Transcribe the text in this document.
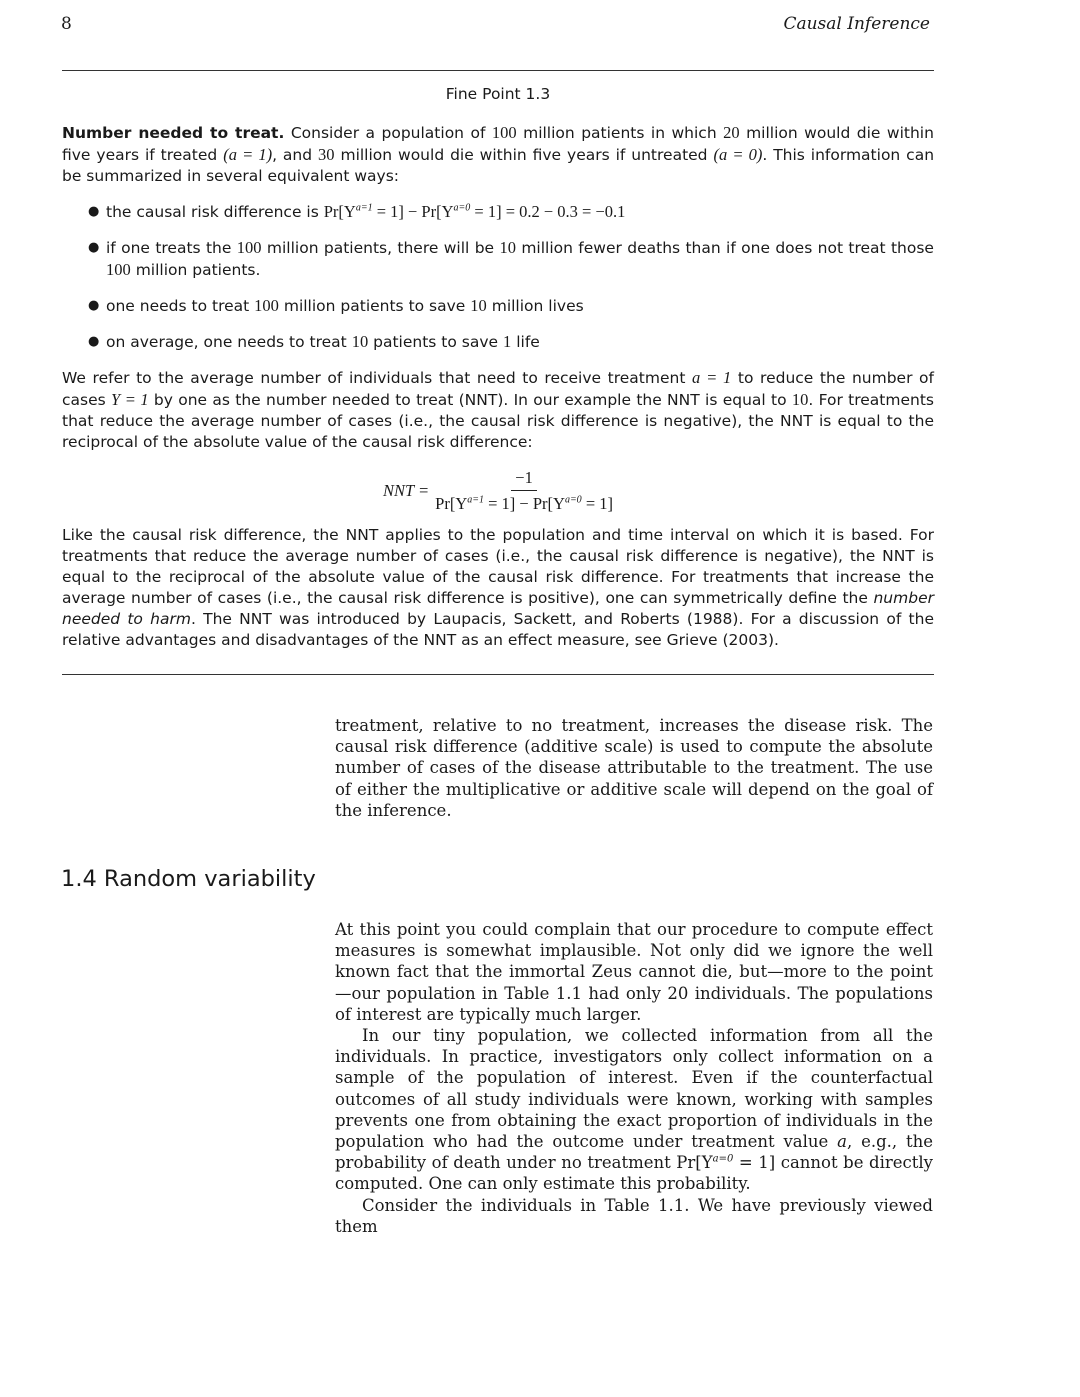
8	Causal Inference
Fine Point 1.3

Number needed to treat. Consider a population of 100 million patients in which 20 million would die within five years if treated (a = 1), and 30 million would die within five years if untreated (a = 0). This information can be summarized in several equivalent ways:

● the causal risk difference is $Pr[Y^{a=1} = 1] - Pr[Y^{a=0} = 1] = 0.2 - 0.3 = -0.1$
● if one treats the 100 million patients, there will be 10 million fewer deaths than if one does not treat those 100 million patients.
● one needs to treat 100 million patients to save 10 million lives
● on average, one needs to treat 10 patients to save 1 life

We refer to the average number of individuals that need to receive treatment a = 1 to reduce the number of cases Y = 1 by one as the number needed to treat (NNT). In our example the NNT is equal to 10. For treatments that reduce the average number of cases (i.e., the causal risk difference is negative), the NNT is equal to the reciprocal of the absolute value of the causal risk difference:

NNT = $\frac{-1}{Pr[Y^{a=1} = 1] - Pr[Y^{a=0} = 1]}$

Like the causal risk difference, the NNT applies to the population and time interval on which it is based. For treatments that reduce the average number of cases (i.e., the causal risk difference is negative), the NNT is equal to the reciprocal of the absolute value of the causal risk difference. For treatments that increase the average number of cases (i.e., the causal risk difference is positive), one can symmetrically define the number needed to harm. The NNT was introduced by Laupacis, Sackett, and Roberts (1988). For a discussion of the relative advantages and disadvantages of the NNT as an effect measure, see Grieve (2003).

treatment, relative to no treatment, increases the disease risk. The causal risk difference (additive scale) is used to compute the absolute number of cases of the disease attributable to the treatment. The use of either the multiplicative or additive scale will depend on the goal of the inference.

1.4 Random variability

At this point you could complain that our procedure to compute effect measures is somewhat implausible. Not only did we ignore the well known fact that the immortal Zeus cannot die, but—more to the point—our population in Table 1.1 had only 20 individuals. The populations of interest are typically much larger.

In our tiny population, we collected information from all the individuals. In practice, investigators only collect information on a sample of the population of interest. Even if the counterfactual outcomes of all study individuals were known, working with samples prevents one from obtaining the exact proportion of individuals in the population who had the outcome under treatment value a, e.g., the probability of death under no treatment $Pr[Y^{a=0} = 1]$ cannot be directly computed. One can only estimate this probability.

Consider the individuals in Table 1.1. We have previously viewed them
